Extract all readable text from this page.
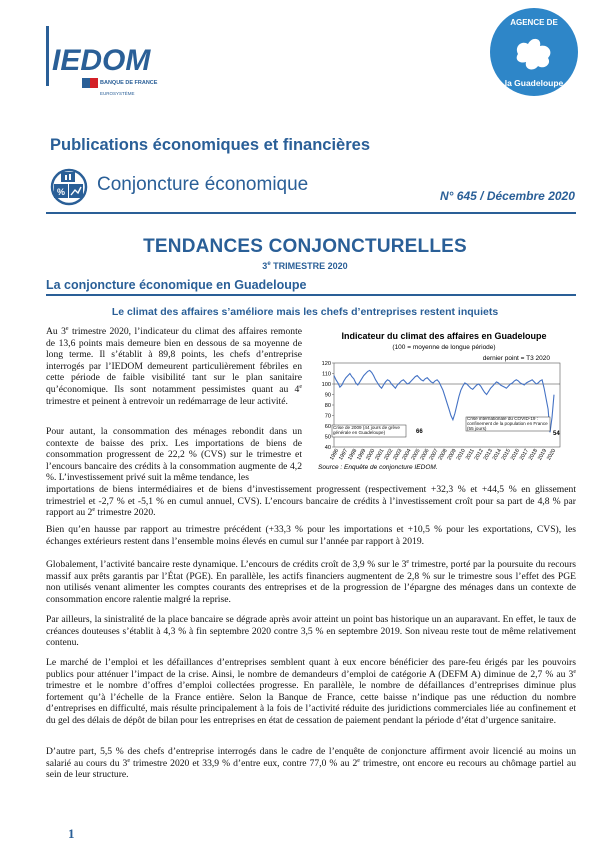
IEDOM
BANQUE DE FRANCE
EUROSYSTÈME
AGENCE DE
la Guadeloupe
Publications économiques et financières
% Conjoncture économique
N° 645 / Décembre 2020
TENDANCES CONJONCTURELLES
3e TRIMESTRE 2020
La conjoncture économique en Guadeloupe
Le climat des affaires s’améliore mais les chefs d’entreprises restent inquiets
Au 3e trimestre 2020, l’indicateur du climat des affaires remonte de 13,6 points mais demeure bien en dessous de sa moyenne de long terme. Il s’établit à 89,8 points, les chefs d’entreprise interrogés par l’IEDOM demeurent particulièrement fébriles en cette période de faible visibilité tant sur le plan sanitaire qu’économique. Ils sont notamment pessimistes quant au 4e trimestre et peinent à entrevoir un redémarrage de leur activité.
Pour autant, la consommation des ménages rebondit dans un contexte de baisse des prix. Les importations de biens de consommation progressent de 22,2 % (CVS) sur le trimestre et l’encours bancaire des crédits à la consommation augmente de 4,2 %. L’investissement privé suit la même tendance, les
importations de biens intermédiaires et de biens d’investissement progressent (respectivement +32,3 % et +44,5 % en glissement trimestriel et -2,7 % et -5,1 % en cumul annuel, CVS). L’encours bancaire de crédits à l’investissement croît pour sa part de 4,8 % par rapport au 2e trimestre 2020.
Bien qu’en hausse par rapport au trimestre précédent (+33,3 % pour les importations et +10,5 % pour les exportations, CVS), les échanges extérieurs restent dans l’ensemble moins élevés en cumul sur l’année par rapport à 2019.
Globalement, l’activité bancaire reste dynamique. L’encours de crédits croît de 3,9 % sur le 3e trimestre, porté par la poursuite du recours massif aux prêts garantis par l’État (PGE). En parallèle, les actifs financiers augmentent de 2,8 % sur le trimestre sous l’effet des PGE non utilisés venant alimenter les comptes courants des entreprises et de la progression de l’épargne des ménages dans un contexte de consommation encore ralentie malgré la reprise.
Par ailleurs, la sinistralité de la place bancaire se dégrade après avoir atteint un point bas historique un an auparavant. En effet, le taux de créances douteuses s’établit à 4,3 % à fin septembre 2020 contre 3,5 % en septembre 2019. Son niveau reste tout de même relativement contenu.
Le marché de l’emploi et les défaillances d’entreprises semblent quant à eux encore bénéficier des pare-feu érigés par les pouvoirs publics pour atténuer l’impact de la crise. Ainsi, le nombre de demandeurs d’emploi de catégorie A (DEFM A) diminue de 2,7 % au 3e trimestre et le nombre d’offres d’emploi collectées progresse. En parallèle, le nombre de défaillances d’entreprises diminue plus fortement qu’à l’échelle de la France entière. Selon la Banque de France, cette baisse n’indique pas une réduction du nombre d’entreprises en difficulté, mais résulte principalement à la fois de l’activité réduite des juridictions commerciales liée au confinement et du gel des délais de dépôt de bilan pour les entreprises en état de cessation de paiement pendant la période d’état d’urgence sanitaire.
D’autre part, 5,5 % des chefs d’entreprise interrogés dans le cadre de l’enquête de conjoncture affirment avoir licencié au moins un salarié au cours du 3e trimestre 2020 et 33,9 % d’entre eux, contre 77,0 % au 2e trimestre, ont encore eu recours au chômage partiel au sein de leur structure.
Indicateur du climat des affaires en Guadeloupe
(100 = moyenne de longue période)
dernier point = T3 2020
40
50
60
70
80
90
100
110
120
1996
1997
1998
1999
2000
2001
2002
2003
2004
2005
2006
2007
2008
2009
2010
2011
2012
2013
2014
2015
2016
2017
2018
2019
2020
Crise de 2009 (44 jours de grève générale en Guadeloupe)	66
Crise internationale du COVID-19 : confinement de la population en France (55 jours)
54
Source : Enquête de conjoncture IEDOM.
1
